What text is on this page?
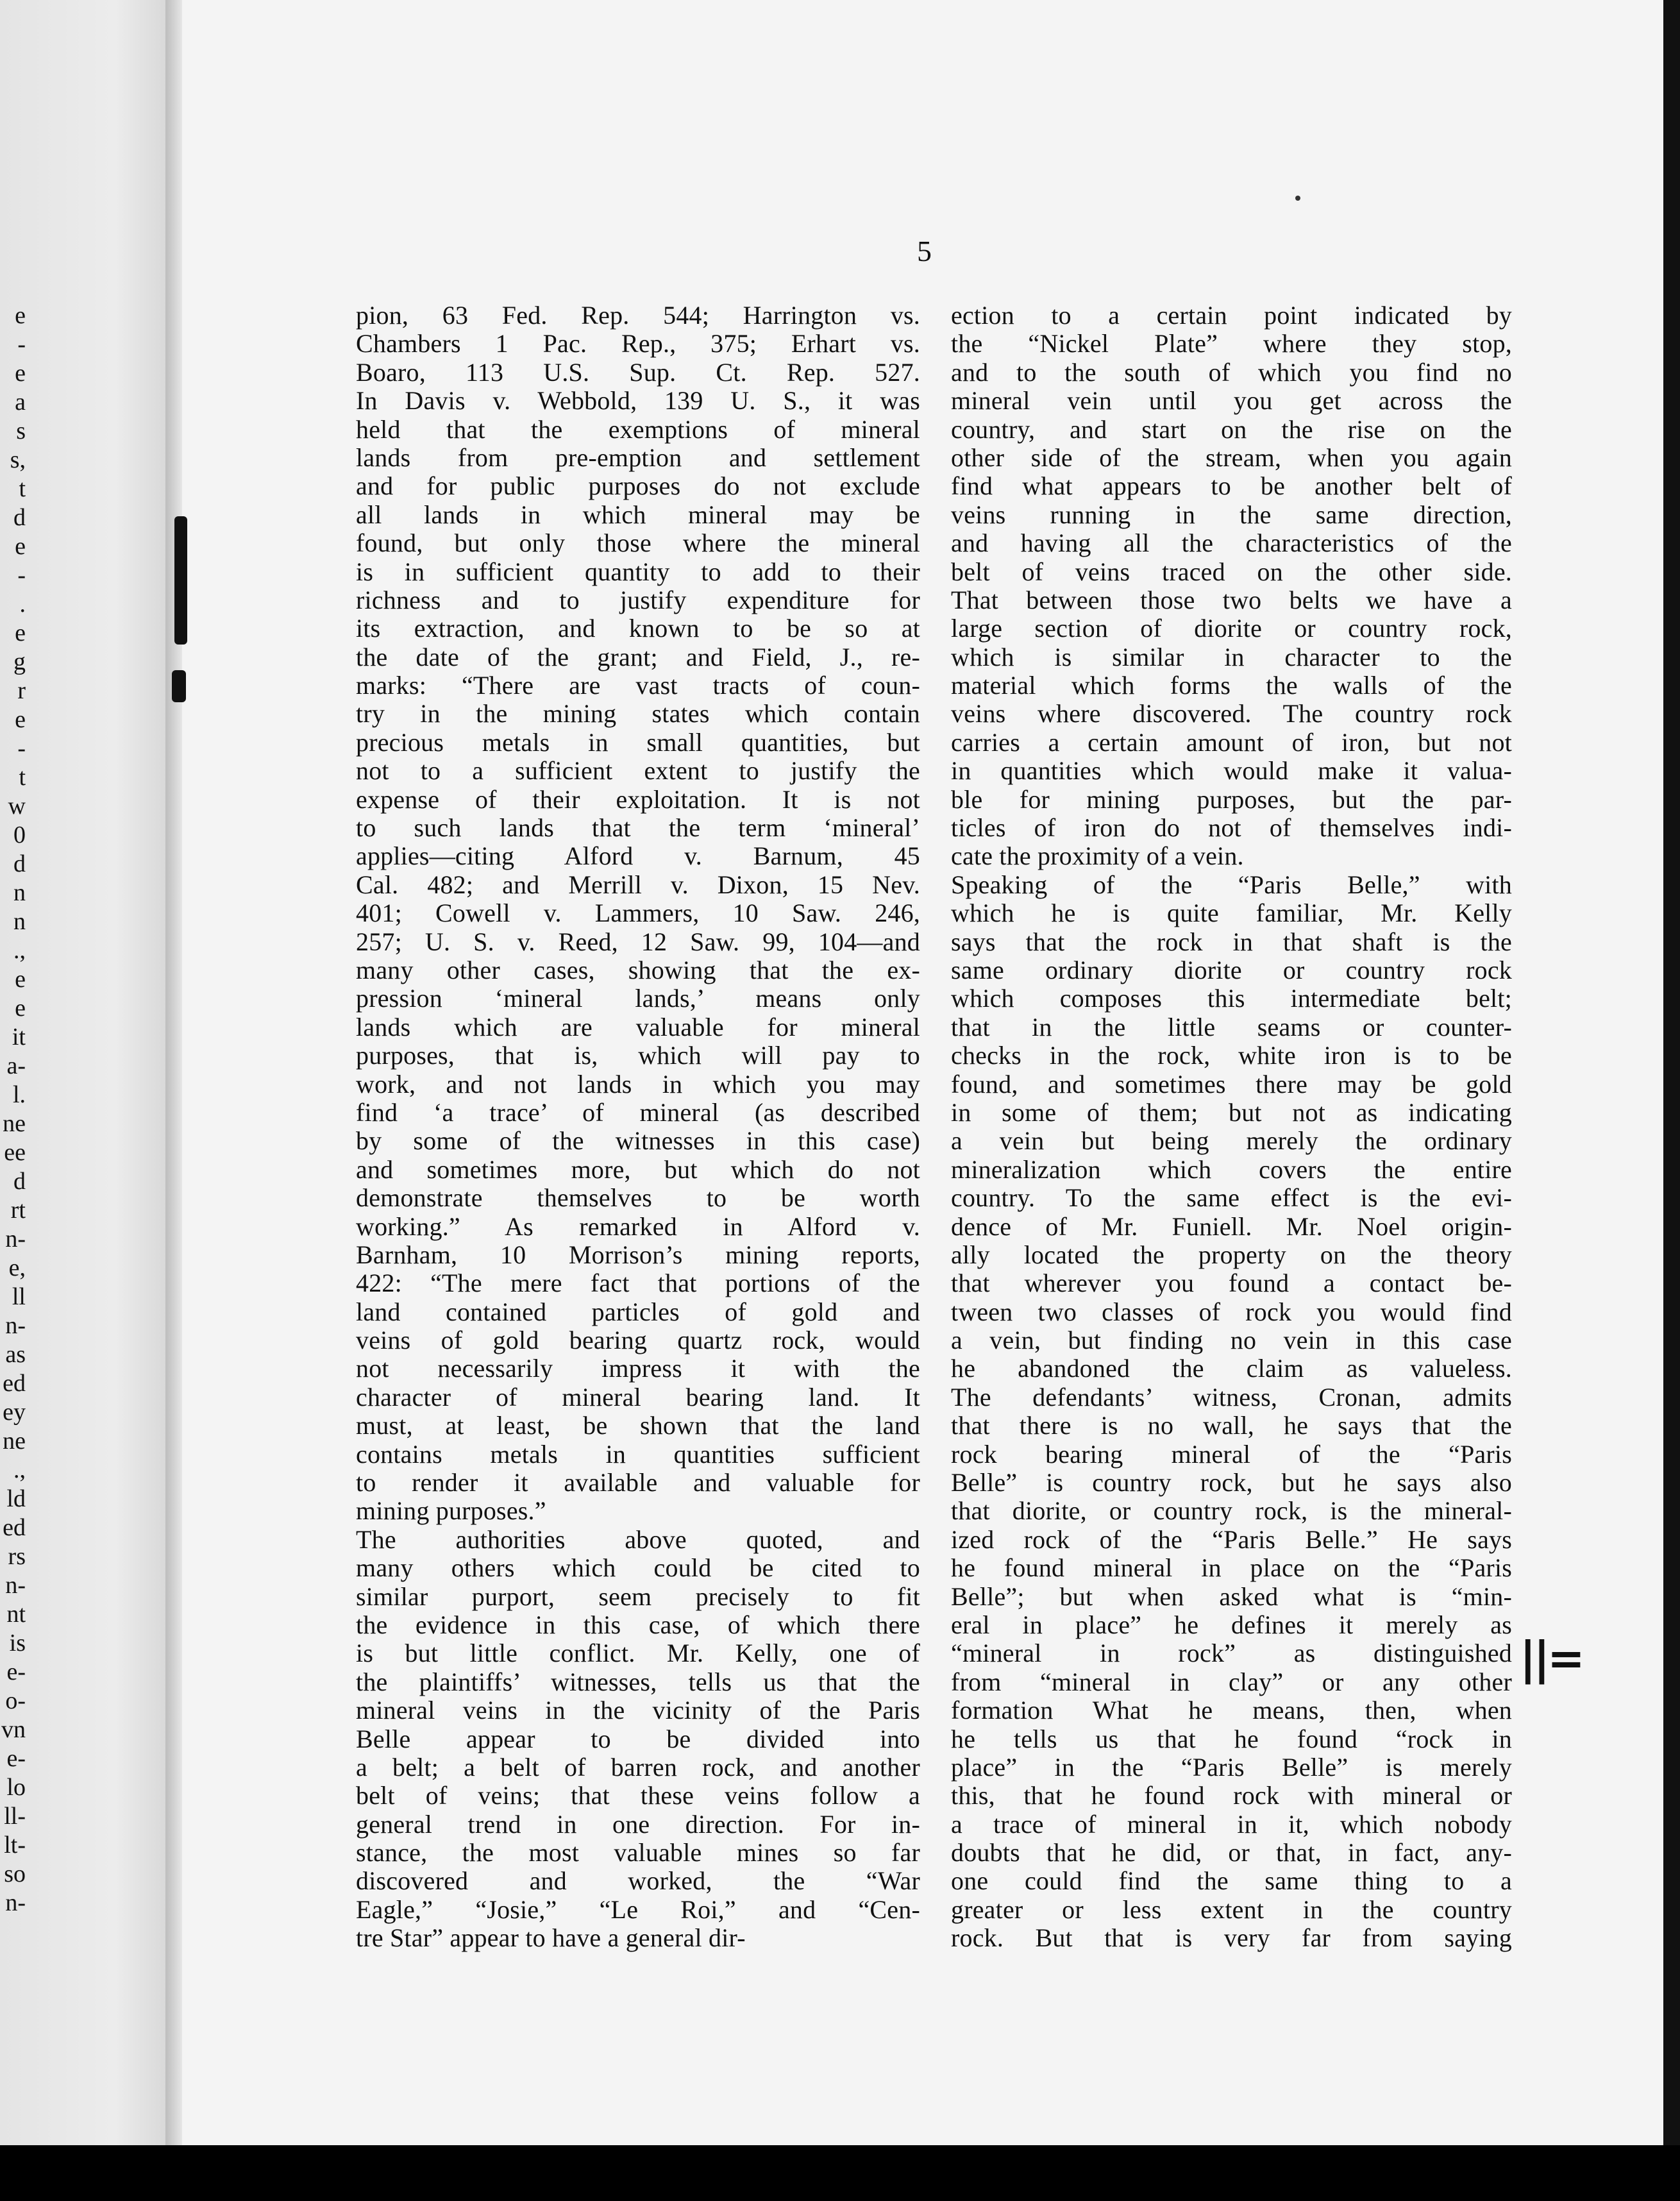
e
-
e
a
s
s,
t
d
e
-
.
e
g
r
e
-
t
w
0
d
n
n
.,
e
e
it
a-
l.
ne
ee
d
rt
n-
e,
ll
n-
as
ed
ey
ne
.,
ld
ed
rs
n-
nt
is
e-
o-
vn
e-
lo
ll-
lt-
so
n-
5
pion, 63 Fed. Rep. 544; Harrington vs.
Chambers 1 Pac. Rep., 375; Erhart vs.
Boaro, 113 U.S. Sup. Ct. Rep. 527.
In Davis v. Webbold, 139 U. S., it was
held that the exemptions of mineral
lands from pre-emption and settlement
and for public purposes do not exclude
all lands in which mineral may be
found, but only those where the mineral
is in sufficient quantity to add to their
richness and to justify expenditure for
its extraction, and known to be so at
the date of the grant; and Field, J., re-
marks: “There are vast tracts of coun-
try in the mining states which contain
precious metals in small quantities, but
not to a sufficient extent to justify the
expense of their exploitation. It is not
to such lands that the term ‘mineral’
applies—citing Alford v. Barnum, 45
Cal. 482; and Merrill v. Dixon, 15 Nev.
401; Cowell v. Lammers, 10 Saw. 246,
257; U. S. v. Reed, 12 Saw. 99, 104—and
many other cases, showing that the ex-
pression ‘mineral lands,’ means only
lands which are valuable for mineral
purposes, that is, which will pay to
work, and not lands in which you may
find ‘a trace’ of mineral (as described
by some of the witnesses in this case)
and sometimes more, but which do not
demonstrate themselves to be worth
working.” As remarked in Alford v.
Barnham, 10 Morrison’s mining reports,
422: “The mere fact that portions of the
land contained particles of gold and
veins of gold bearing quartz rock, would
not necessarily impress it with the
character of mineral bearing land. It
must, at least, be shown that the land
contains metals in quantities sufficient
to render it available and valuable for
mining purposes.”
The authorities above quoted, and
many others which could be cited to
similar purport, seem precisely to fit
the evidence in this case, of which there
is but little conflict. Mr. Kelly, one of
the plaintiffs’ witnesses, tells us that the
mineral veins in the vicinity of the Paris
Belle appear to be divided into
a belt; a belt of barren rock, and another
belt of veins; that these veins follow a
general trend in one direction. For in-
stance, the most valuable mines so far
discovered and worked, the “War
Eagle,” “Josie,” “Le Roi,” and “Cen-
tre Star” appear to have a general dir-
ection to a certain point indicated by
the “Nickel Plate” where they stop,
and to the south of which you find no
mineral vein until you get across the
country, and start on the rise on the
other side of the stream, when you again
find what appears to be another belt of
veins running in the same direction,
and having all the characteristics of the
belt of veins traced on the other side.
That between those two belts we have a
large section of diorite or country rock,
which is similar in character to the
material which forms the walls of the
veins where discovered. The country rock
carries a certain amount of iron, but not
in quantities which would make it valua-
ble for mining purposes, but the par-
ticles of iron do not of themselves indi-
cate the proximity of a vein.
Speaking of the “Paris Belle,” with
which he is quite familiar, Mr. Kelly
says that the rock in that shaft is the
same ordinary diorite or country rock
which composes this intermediate belt;
that in the little seams or counter-
checks in the rock, white iron is to be
found, and sometimes there may be gold
in some of them; but not as indicating
a vein but being merely the ordinary
mineralization which covers the entire
country. To the same effect is the evi-
dence of Mr. Funiell. Mr. Noel origin-
ally located the property on the theory
that wherever you found a contact be-
tween two classes of rock you would find
a vein, but finding no vein in this case
he abandoned the claim as valueless.
The defendants’ witness, Cronan, admits
that there is no wall, he says that the
rock bearing mineral of the “Paris
Belle” is country rock, but he says also
that diorite, or country rock, is the mineral-
ized rock of the “Paris Belle.” He says
he found mineral in place on the “Paris
Belle”; but when asked what is “min-
eral in place” he defines it merely as
“mineral in rock” as distinguished
from “mineral in clay” or any other
formation What he means, then, when
he tells us that he found “rock in
place” in the “Paris Belle” is merely
this, that he found rock with mineral or
a trace of mineral in it, which nobody
doubts that he did, or that, in fact, any-
one could find the same thing to a
greater or less extent in the country
rock. But that is very far from saying
||=
